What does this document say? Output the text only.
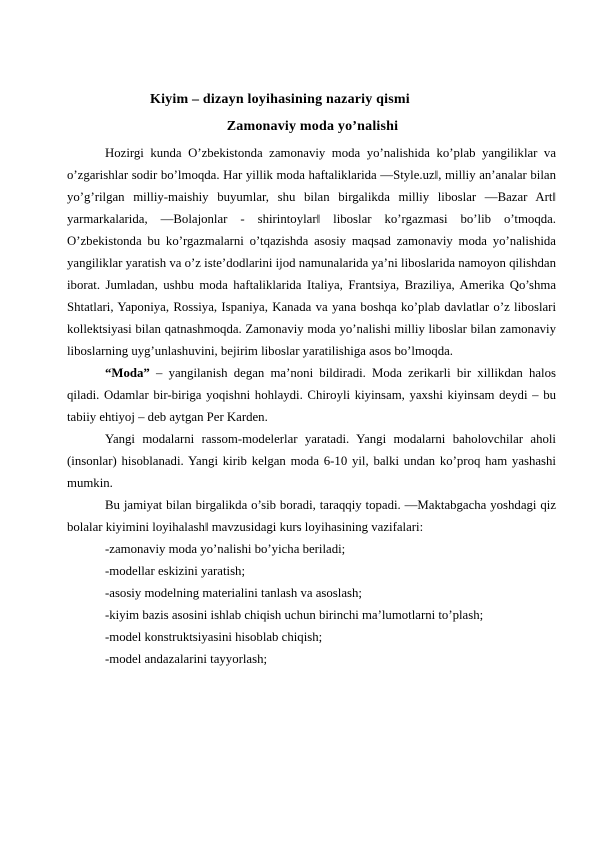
Kiyim – dizayn loyihasining nazariy qismi
Zamonaviy moda yo’nalishi

Hozirgi kunda O’zbekistonda zamonaviy moda yo’nalishida ko’plab yangiliklar va o’zgarishlar sodir bo’lmoqda. Har yillik moda haftaliklarida ―Style.uz‖, milliy an’analar bilan yo’g’rilgan milliy-maishiy buyumlar, shu bilan birgalikda milliy liboslar ―Bazar Art‖ yarmarkalarida, ―Bolajonlar - shirintoylar‖ liboslar ko’rgazmasi bo’lib o’tmoqda. O’zbekistonda bu ko’rgazmalarni o’tqazishda asosiy maqsad zamonaviy moda yo’nalishida yangiliklar yaratish va o’z iste’dodlarini ijod namunalarida ya’ni liboslarida namoyon qilishdan iborat. Jumladan, ushbu moda haftaliklarida Italiya, Frantsiya, Braziliya, Amerika Qo’shma Shtatlari, Yaponiya, Rossiya, Ispaniya, Kanada va yana boshqa ko’plab davlatlar o’z liboslari kollektsiyasi bilan qatnashmoqda. Zamonaviy moda yo’nalishi milliy liboslar bilan zamonaviy liboslarning uyg’unlashuvini, bejirim liboslar yaratilishiga asos bo’lmoqda.

“Moda” – yangilanish degan ma’noni bildiradi. Moda zerikarli bir xillikdan halos qiladi. Odamlar bir-biriga yoqishni hohlaydi. Chiroyli kiyinsam, yaxshi kiyinsam deydi – bu tabiiy ehtiyoj – deb aytgan Per Karden.

Yangi modalarni rassom-modelerlar yaratadi. Yangi modalarni baholovchilar aholi (insonlar) hisoblanadi. Yangi kirib kelgan moda 6-10 yil, balki undan ko’proq ham yashashi mumkin.

Bu jamiyat bilan birgalikda o’sib boradi, taraqqiy topadi. ―Maktabgacha yoshdagi qiz bolalar kiyimini loyihalash‖ mavzusidagi kurs loyihasining vazifalari:

-zamonaviy moda yo’nalishi bo’yicha beriladi;

-modellar eskizini yaratish;

-asosiy modelning materialini tanlash va asoslash;

-kiyim bazis asosini ishlab chiqish uchun birinchi ma’lumotlarni to’plash;

-model konstruktsiyasini hisoblab chiqish;

-model andazalarini tayyorlash;
